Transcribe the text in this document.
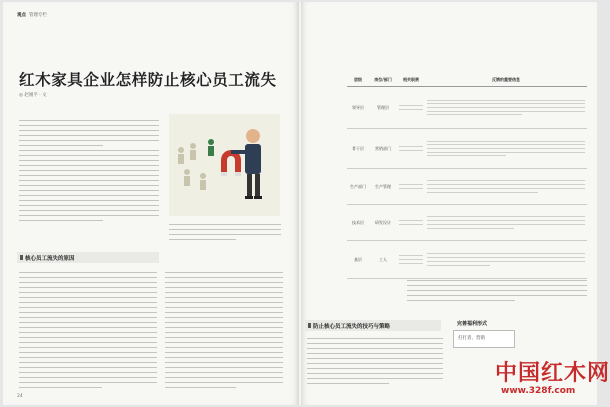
观点 管理专栏
红木家具企业怎样防止核心员工流失
◎ 赵刚平 · 文
核心员工流失的原因
24
层级	岗位/部门	相关职责	反馈的重要信息
领导层	管理层	

骨干层	营销部门	

生产部门	生产管理	

技术层	研发设计	

基层	工人	

防止核心员工流失的技巧与策略	完善福利形式
打打者、营销
中国红木网
www.328f.com
